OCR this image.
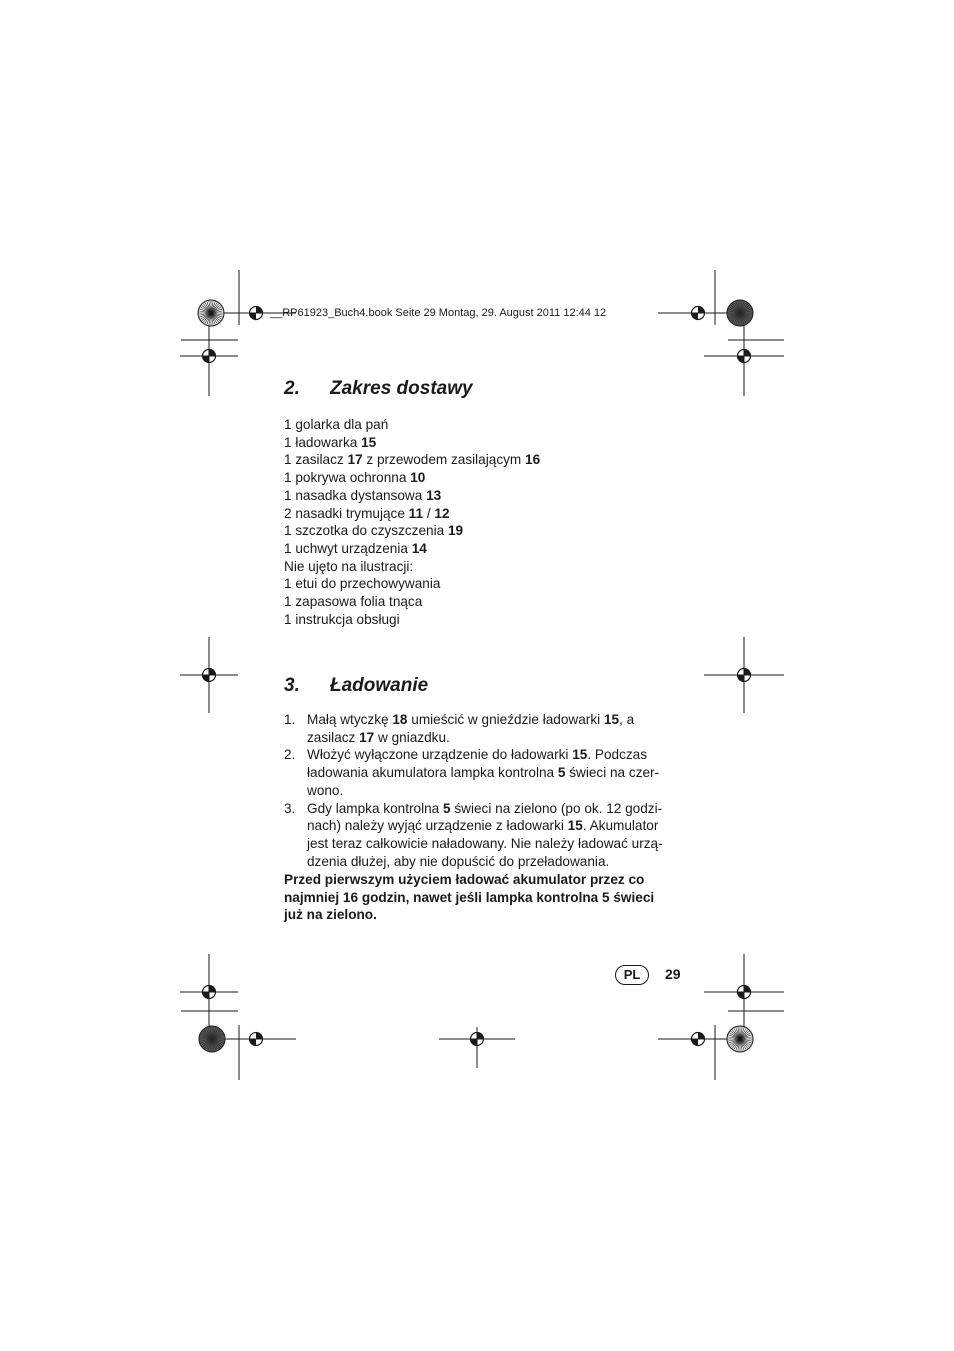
__RP61923_Buch4.book Seite 29 Montag, 29. August 2011 12:44 12
2. Zakres dostawy
1 golarka dla pań
1 ładowarka 15
1 zasilacz 17 z przewodem zasilającym 16
1 pokrywa ochronna 10
1 nasadka dystansowa 13
2 nasadki trymujące 11 / 12
1 szczotka do czyszczenia 19
1 uchwyt urządzenia 14
Nie ujęto na ilustracji:
1 etui do przechowywania
1 zapasowa folia tnąca
1 instrukcja obsługi
3. Ładowanie
1. Małą wtyczkę 18 umieścić w gnieździe ładowarki 15, a
zasilacz 17 w gniazdku.
2. Włożyć wyłączone urządzenie do ładowarki 15. Podczas
ładowania akumulatora lampka kontrolna 5 świeci na czer-
wono.
3. Gdy lampka kontrolna 5 świeci na zielono (po ok. 12 godzi-
nach) należy wyjąć urządzenie z ładowarki 15. Akumulator
jest teraz całkowicie naładowany. Nie należy ładować urzą-
dzenia dłużej, aby nie dopuścić do przeładowania.
Przed pierwszym użyciem ładować akumulator przez co
najmniej 16 godzin, nawet jeśli lampka kontrolna 5 świeci
już na zielono.
PL	29
